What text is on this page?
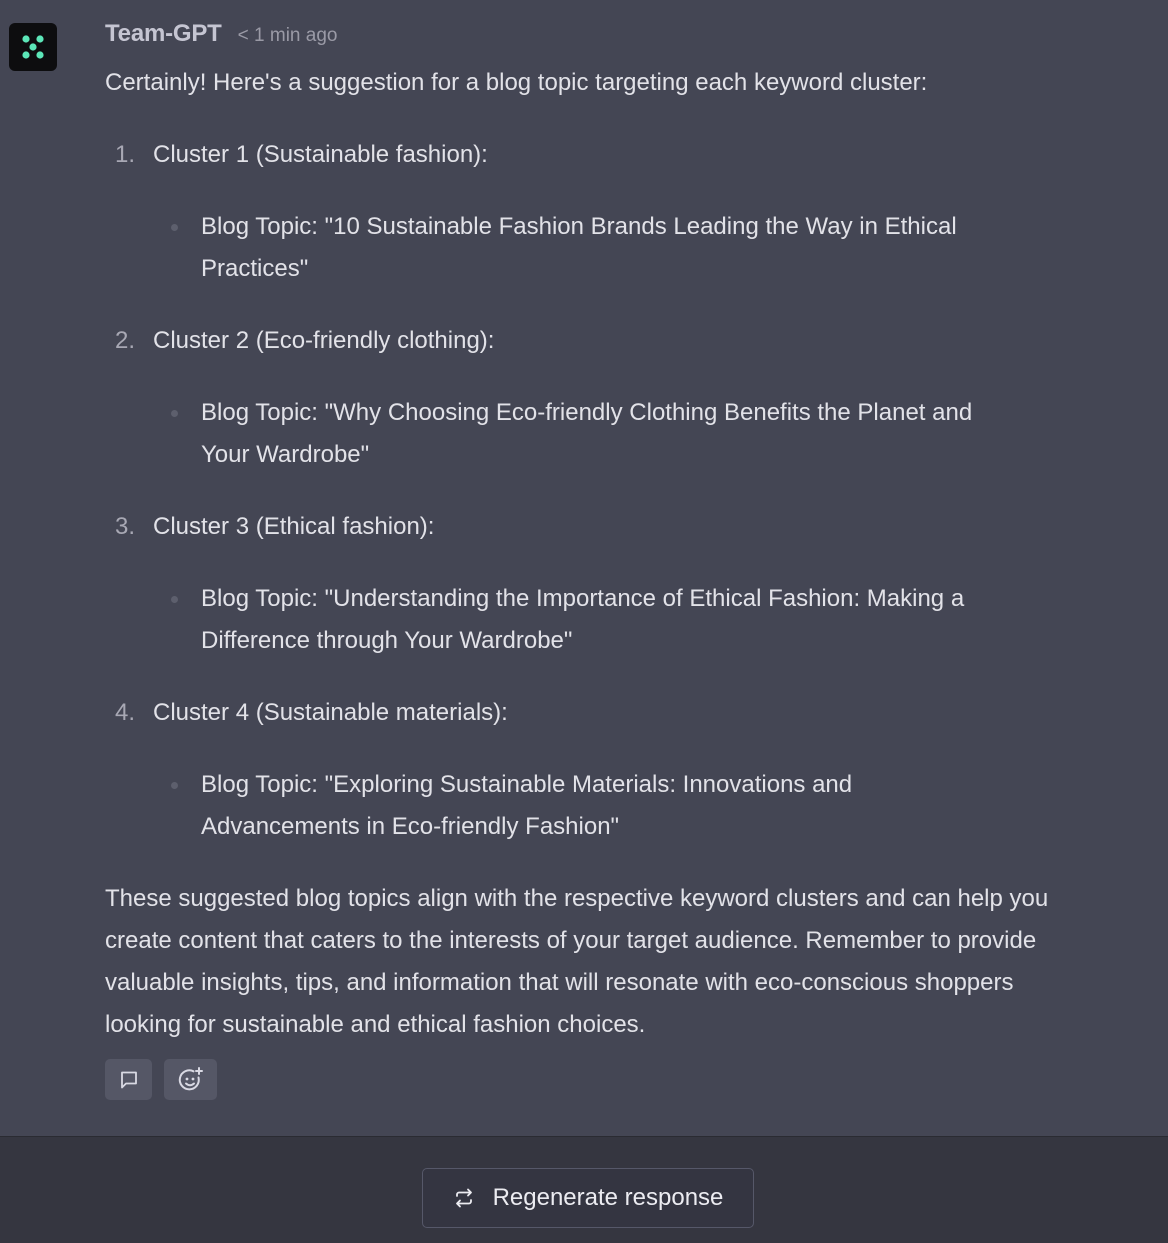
Team-GPT < 1 min ago

Certainly! Here's a suggestion for a blog topic targeting each keyword cluster:

1. Cluster 1 (Sustainable fashion):
Blog Topic: "10 Sustainable Fashion Brands Leading the Way in Ethical Practices"
2. Cluster 2 (Eco-friendly clothing):
Blog Topic: "Why Choosing Eco-friendly Clothing Benefits the Planet and Your Wardrobe"
3. Cluster 3 (Ethical fashion):
Blog Topic: "Understanding the Importance of Ethical Fashion: Making a Difference through Your Wardrobe"
4. Cluster 4 (Sustainable materials):
Blog Topic: "Exploring Sustainable Materials: Innovations and Advancements in Eco-friendly Fashion"

These suggested blog topics align with the respective keyword clusters and can help you create content that caters to the interests of your target audience. Remember to provide valuable insights, tips, and information that will resonate with eco-conscious shoppers looking for sustainable and ethical fashion choices.

Regenerate response
